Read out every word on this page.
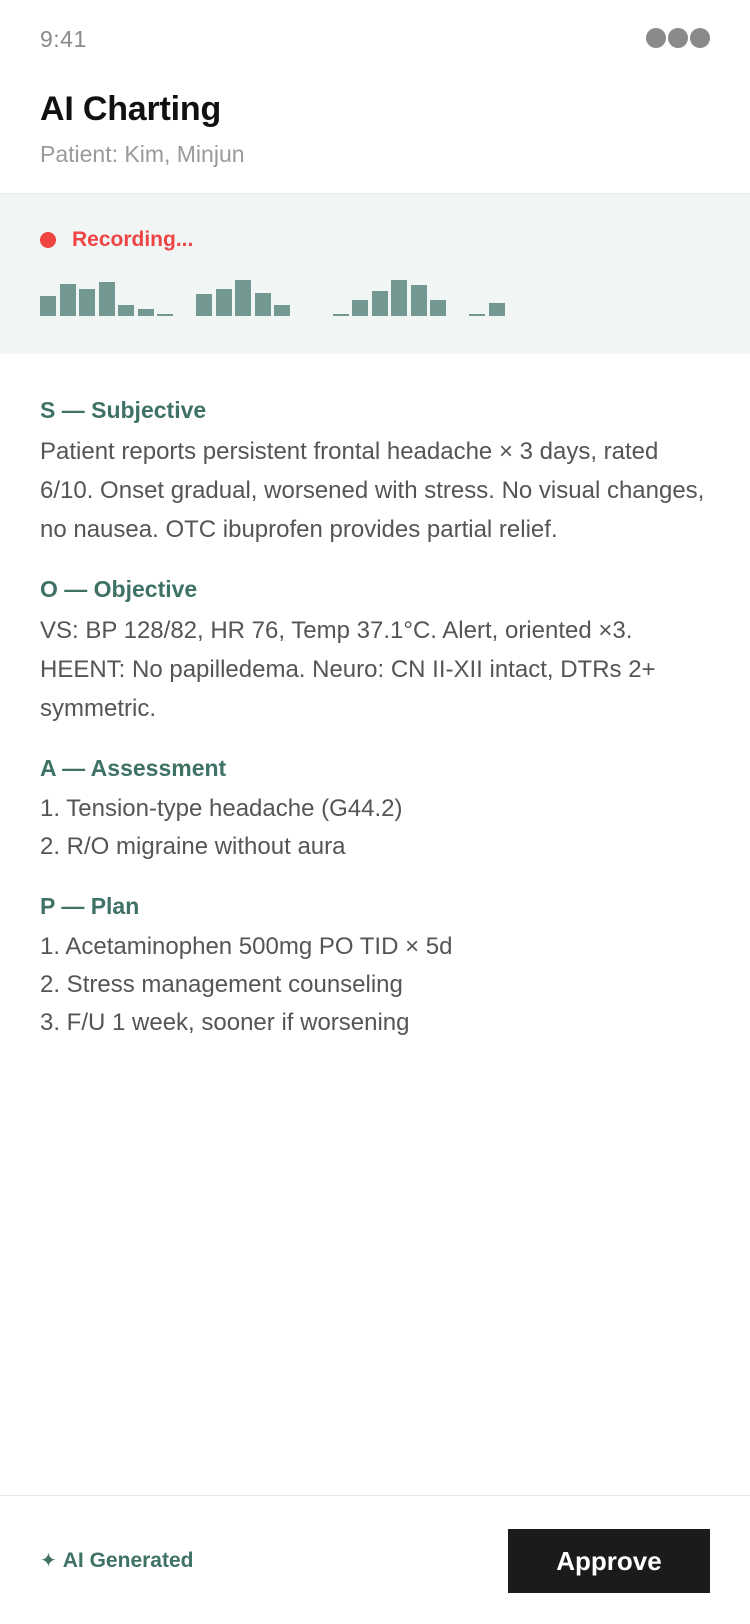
9:41
AI Charting
Patient: Kim, Minjun
Recording...
S — Subjective

Patient reports persistent frontal headache × 3 days, rated 6/10. Onset gradual, worsened with stress. No visual changes, no nausea. OTC ibuprofen provides partial relief.

O — Objective

VS: BP 128/82, HR 76, Temp 37.1°C. Alert, oriented ×3. HEENT: No papilledema. Neuro: CN II-XII intact, DTRs 2+ symmetric.

A — Assessment
1. Tension-type headache (G44.2)
2. R/O migraine without aura
P — Plan
1. Acetaminophen 500mg PO TID × 5d
2. Stress management counseling
3. F/U 1 week, sooner if worsening
✦ AI Generated	Approve
